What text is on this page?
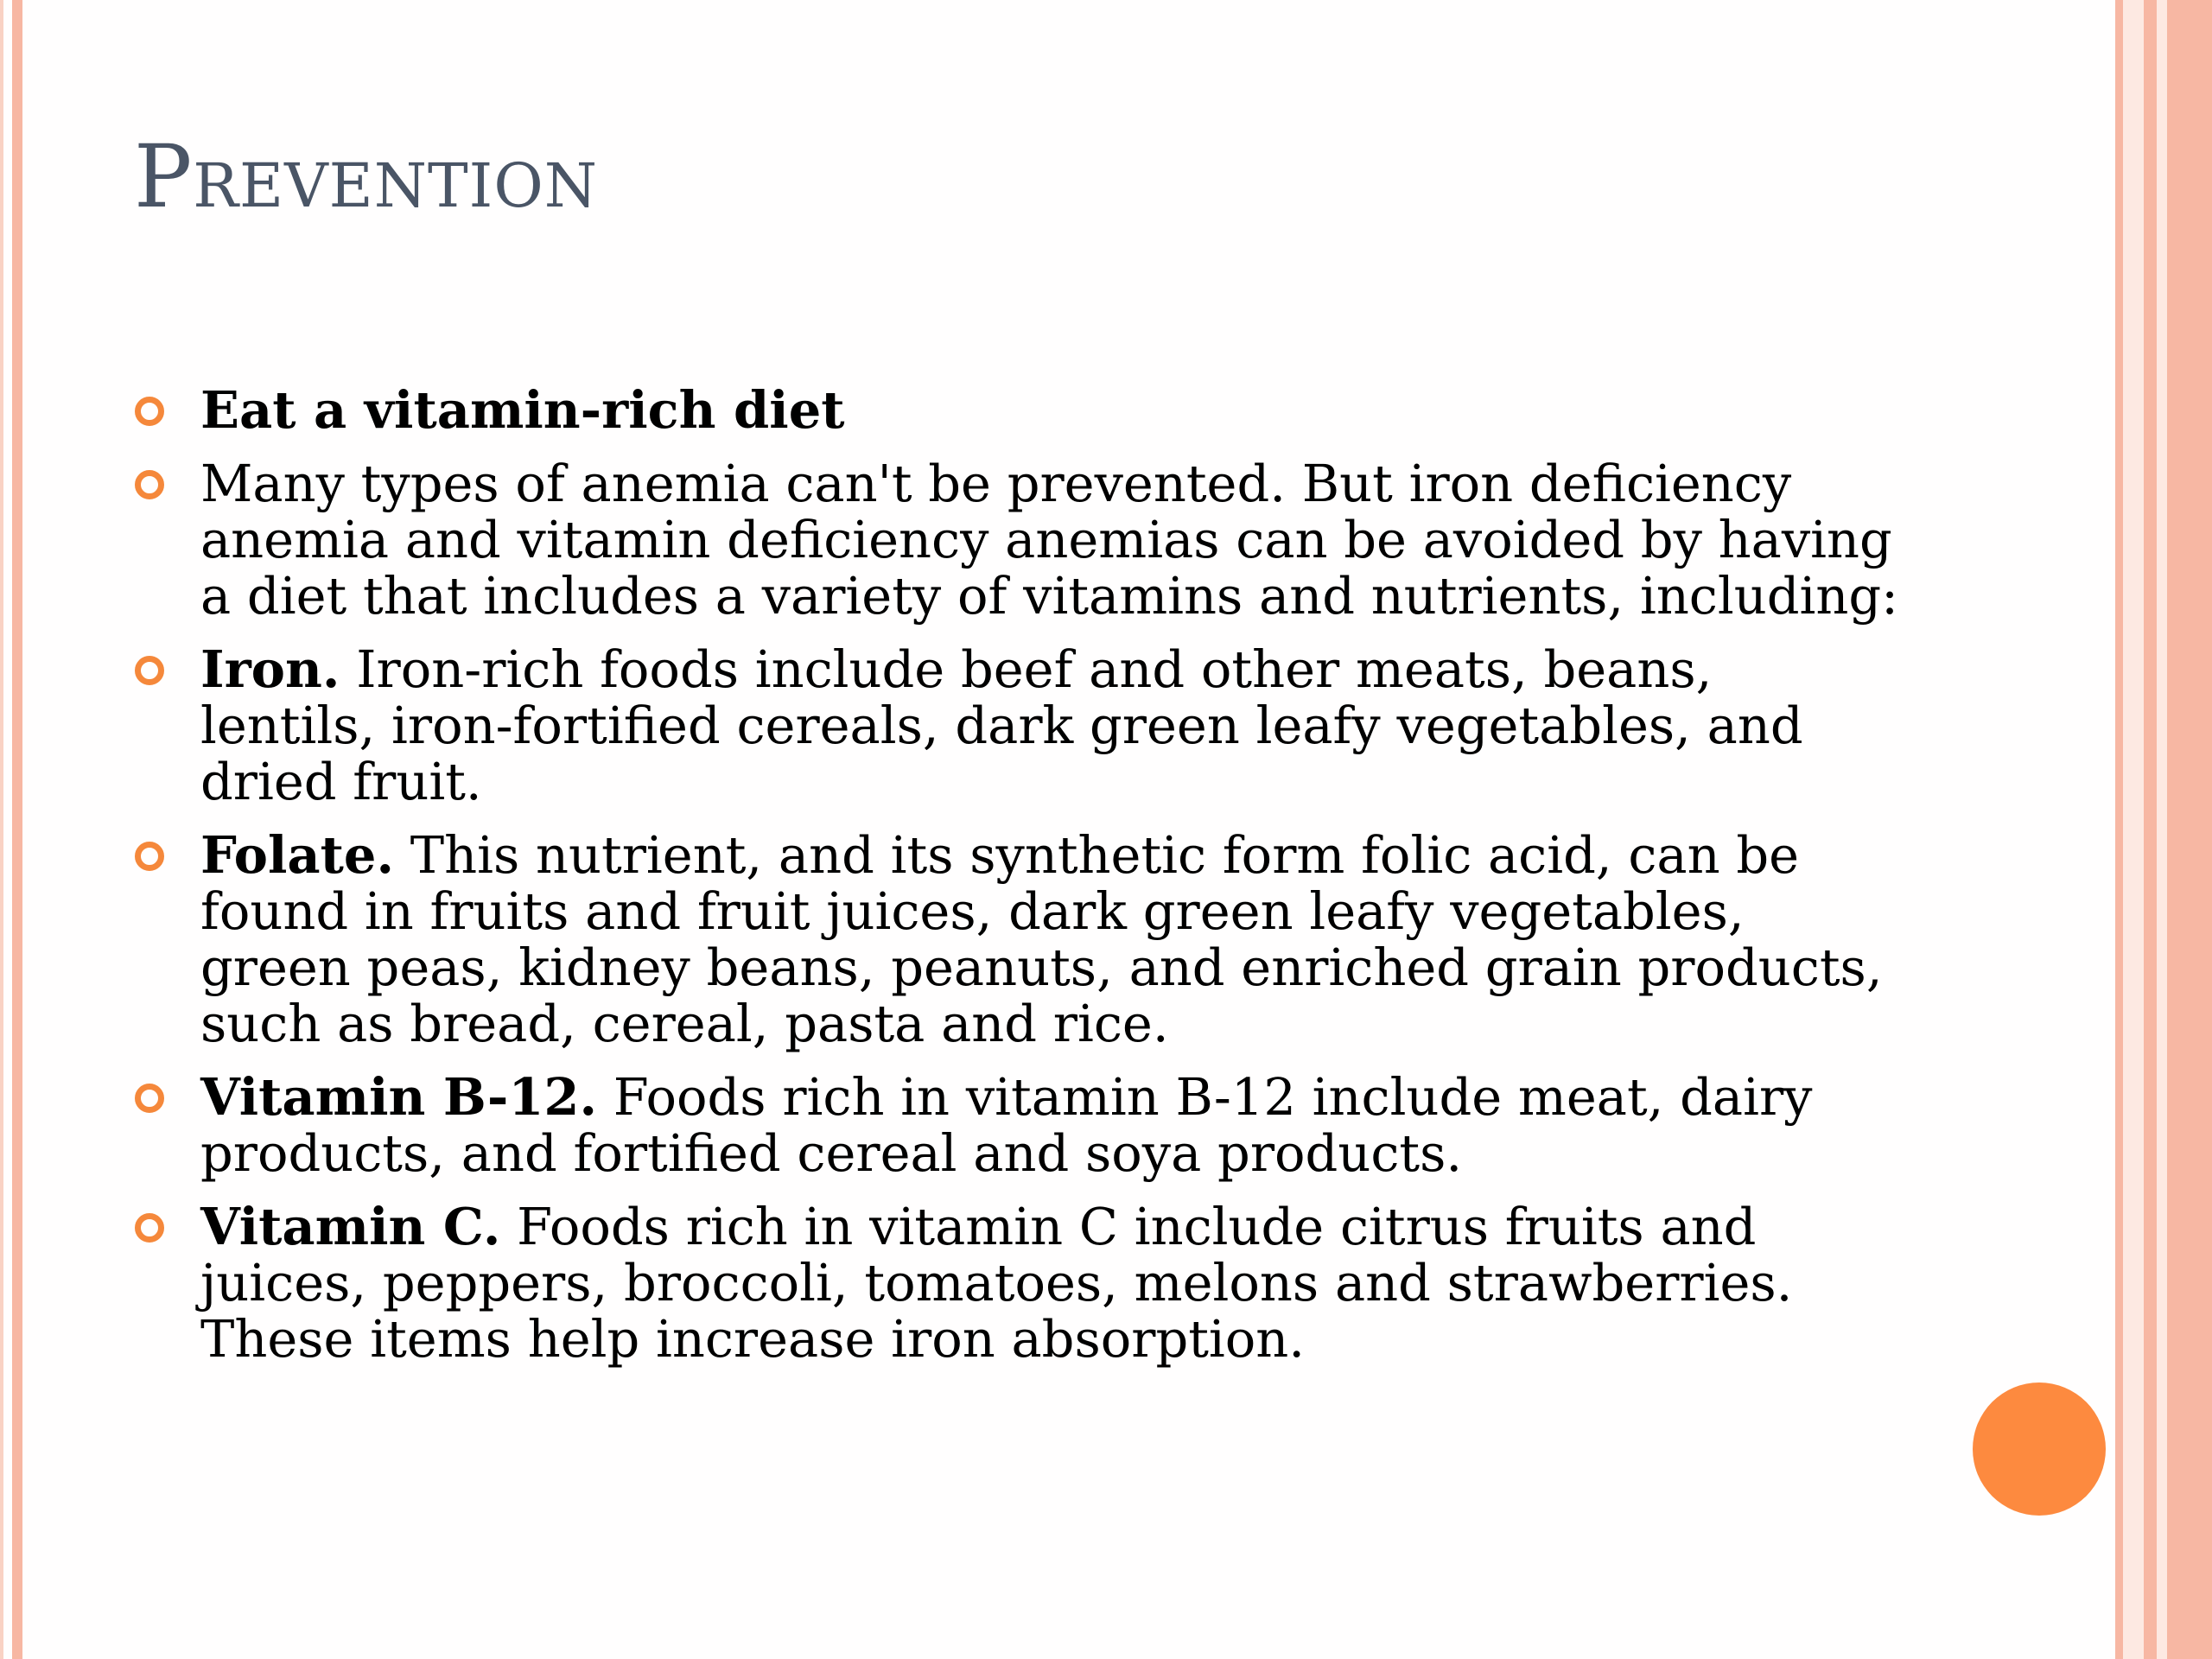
Prevention
Eat a vitamin-rich diet
Many types of anemia can't be prevented. But iron deficiency anemia and vitamin deficiency anemias can be avoided by having a diet that includes a variety of vitamins and nutrients, including:
Iron. Iron-rich foods include beef and other meats, beans, lentils, iron-fortified cereals, dark green leafy vegetables, and dried fruit.
Folate. This nutrient, and its synthetic form folic acid, can be found in fruits and fruit juices, dark green leafy vegetables, green peas, kidney beans, peanuts, and enriched grain products, such as bread, cereal, pasta and rice.
Vitamin B-12. Foods rich in vitamin B-12 include meat, dairy products, and fortified cereal and soya products.
Vitamin C. Foods rich in vitamin C include citrus fruits and juices, peppers, broccoli, tomatoes, melons and strawberries. These items help increase iron absorption.
